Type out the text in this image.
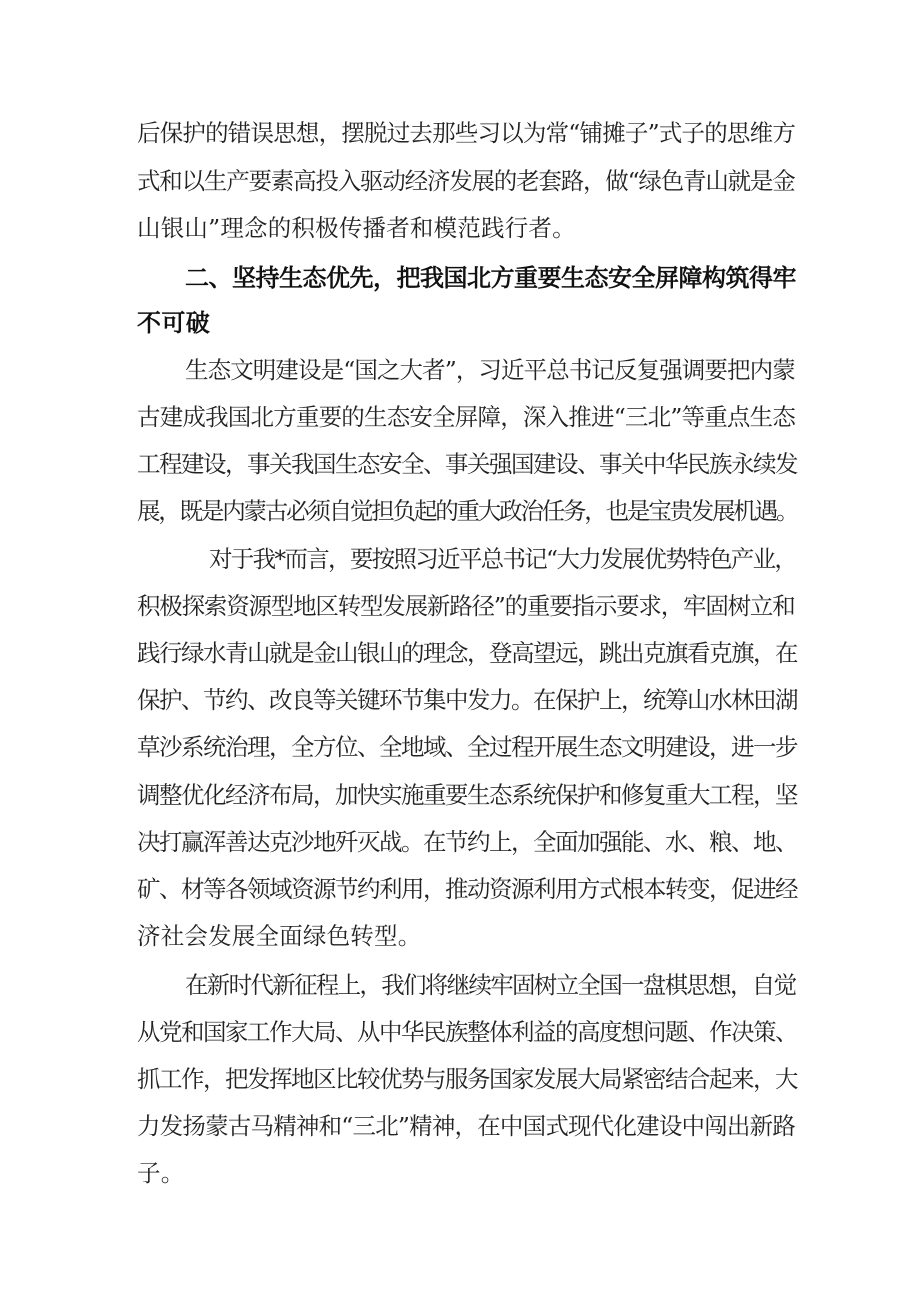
后保护的错误思想，摆脱过去那些习以为常“铺摊子”式子的思维方
式和以生产要素高投入驱动经济发展的老套路，做“绿色青山就是金
山银山”理念的积极传播者和模范践行者。
二、坚持生态优先，把我国北方重要生态安全屏障构筑得牢
不可破
生态文明建设是“国之大者”，习近平总书记反复强调要把内蒙
古建成我国北方重要的生态安全屏障，深入推进“三北”等重点生态
工程建设，事关我国生态安全、事关强国建设、事关中华民族永续发
展，既是内蒙古必须自觉担负起的重大政治任务，也是宝贵发展机遇。
对于我*而言，要按照习近平总书记“大力发展优势特色产业，
积极探索资源型地区转型发展新路径”的重要指示要求，牢固树立和
践行绿水青山就是金山银山的理念，登高望远，跳出克旗看克旗，在
保护、节约、改良等关键环节集中发力。在保护上，统筹山水林田湖
草沙系统治理，全方位、全地域、全过程开展生态文明建设，进一步
调整优化经济布局，加快实施重要生态系统保护和修复重大工程，坚
决打赢浑善达克沙地歼灭战。在节约上，全面加强能、水、粮、地、
矿、材等各领域资源节约利用，推动资源利用方式根本转变，促进经
济社会发展全面绿色转型。
在新时代新征程上，我们将继续牢固树立全国一盘棋思想，自觉
从党和国家工作大局、从中华民族整体利益的高度想问题、作决策、
抓工作，把发挥地区比较优势与服务国家发展大局紧密结合起来，大
力发扬蒙古马精神和“三北”精神，在中国式现代化建设中闯出新路
子。
